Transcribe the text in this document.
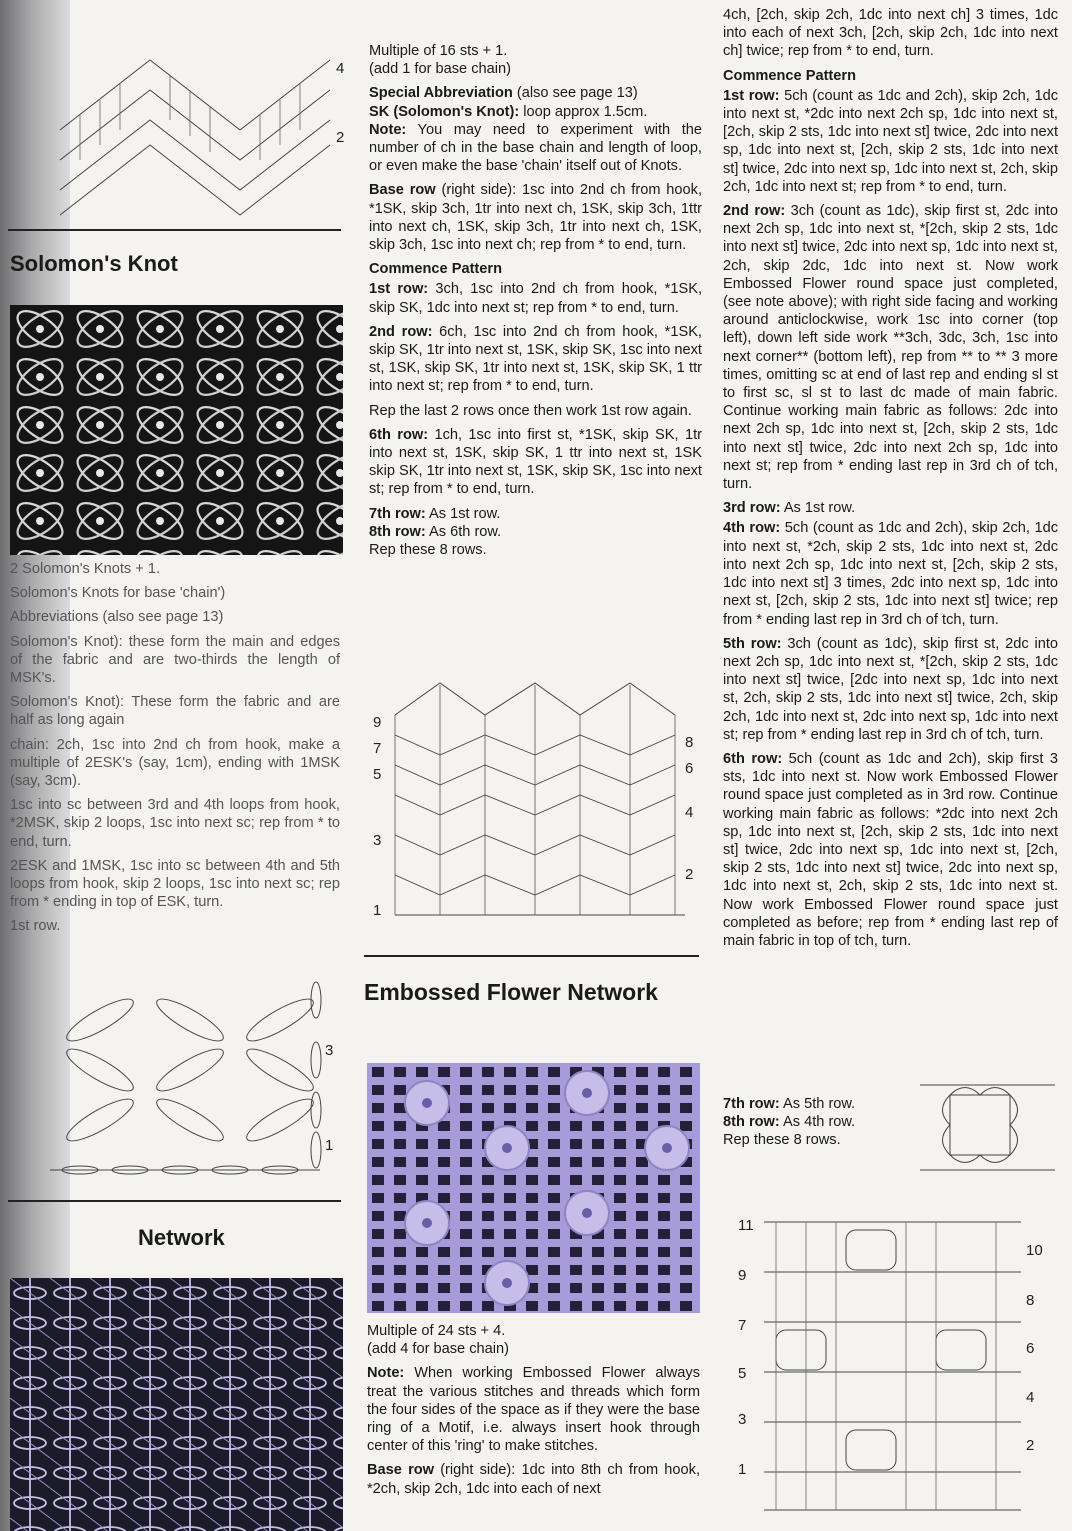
4
2
Solomon's Knot

2 Solomon's Knots + 1.

Solomon's Knots for base 'chain')

Abbreviations (also see page 13)

Solomon's Knot): these form the main and edges of the fabric and are two-thirds the length of MSK's.

Solomon's Knot): These form the fabric and are half as long again

chain: 2ch, 1sc into 2nd ch from hook, make a multiple of 2ESK's (say, 1cm), ending with 1MSK (say, 3cm).

1sc into sc between 3rd and 4th loops from hook, *2MSK, skip 2 loops, 1sc into next sc; rep from * to end, turn.

2ESK and 1MSK, 1sc into sc between 4th and 5th loops from hook, skip 2 loops, 1sc into next sc; rep from * ending in top of ESK, turn.

1st row.

3
1
Network

Multiple of 16 sts + 1.

(add 1 for base chain)

Special Abbreviation (also see page 13)

SK (Solomon's Knot): loop approx 1.5cm.

Note: You may need to experiment with the number of ch in the base chain and length of loop, or even make the base 'chain' itself out of Knots.

Base row (right side): 1sc into 2nd ch from hook, *1SK, skip 3ch, 1tr into next ch, 1SK, skip 3ch, 1ttr into next ch, 1SK, skip 3ch, 1tr into next ch, 1SK, skip 3ch, 1sc into next ch; rep from * to end, turn.

Commence Pattern

1st row: 3ch, 1sc into 2nd ch from hook, *1SK, skip SK, 1dc into next st; rep from * to end, turn.

2nd row: 6ch, 1sc into 2nd ch from hook, *1SK, skip SK, 1tr into next st, 1SK, skip SK, 1sc into next st, 1SK, skip SK, 1tr into next st, 1SK, skip SK, 1 ttr into next st; rep from * to end, turn.

Rep the last 2 rows once then work 1st row again.

6th row: 1ch, 1sc into first st, *1SK, skip SK, 1tr into next st, 1SK, skip SK, 1 ttr into next st, 1SK skip SK, 1tr into next st, 1SK, skip SK, 1sc into next st; rep from * to end, turn.

7th row: As 1st row.

8th row: As 6th row.

Rep these 8 rows.

9
7
5
3
1
8
6
4
2
Embossed Flower Network

Multiple of 24 sts + 4.

(add 4 for base chain)

Note: When working Embossed Flower always treat the various stitches and threads which form the four sides of the space as if they were the base ring of a Motif, i.e. always insert hook through center of this 'ring' to make stitches.

Base row (right side): 1dc into 8th ch from hook, *2ch, skip 2ch, 1dc into each of next

4ch, [2ch, skip 2ch, 1dc into next ch] 3 times, 1dc into each of next 3ch, [2ch, skip 2ch, 1dc into next ch] twice; rep from * to end, turn.

Commence Pattern

1st row: 5ch (count as 1dc and 2ch), skip 2ch, 1dc into next st, *2dc into next 2ch sp, 1dc into next st, [2ch, skip 2 sts, 1dc into next st] twice, 2dc into next sp, 1dc into next st, [2ch, skip 2 sts, 1dc into next st] twice, 2dc into next sp, 1dc into next st, 2ch, skip 2ch, 1dc into next st; rep from * to end, turn.

2nd row: 3ch (count as 1dc), skip first st, 2dc into next 2ch sp, 1dc into next st, *[2ch, skip 2 sts, 1dc into next st] twice, 2dc into next sp, 1dc into next st, 2ch, skip 2dc, 1dc into next st. Now work Embossed Flower round space just completed, (see note above); with right side facing and working around anticlockwise, work 1sc into corner (top left), down left side work **3ch, 3dc, 3ch, 1sc into next corner** (bottom left), rep from ** to ** 3 more times, omitting sc at end of last rep and ending sl st to first sc, sl st to last dc made of main fabric. Continue working main fabric as follows: 2dc into next 2ch sp, 1dc into next st, [2ch, skip 2 sts, 1dc into next st] twice, 2dc into next 2ch sp, 1dc into next st; rep from * ending last rep in 3rd ch of tch, turn.

3rd row: As 1st row.

4th row: 5ch (count as 1dc and 2ch), skip 2ch, 1dc into next st, *2ch, skip 2 sts, 1dc into next st, 2dc into next 2ch sp, 1dc into next st, [2ch, skip 2 sts, 1dc into next st] 3 times, 2dc into next sp, 1dc into next st, [2ch, skip 2 sts, 1dc into next st] twice; rep from * ending last rep in 3rd ch of tch, turn.

5th row: 3ch (count as 1dc), skip first st, 2dc into next 2ch sp, 1dc into next st, *[2ch, skip 2 sts, 1dc into next st] twice, [2dc into next sp, 1dc into next st, 2ch, skip 2 sts, 1dc into next st] twice, 2ch, skip 2ch, 1dc into next st, 2dc into next sp, 1dc into next st; rep from * ending last rep in 3rd ch of tch, turn.

6th row: 5ch (count as 1dc and 2ch), skip first 3 sts, 1dc into next st. Now work Embossed Flower round space just completed as in 3rd row. Continue working main fabric as follows: *2dc into next 2ch sp, 1dc into next st, [2ch, skip 2 sts, 1dc into next st] twice, 2dc into next sp, 1dc into next st, [2ch, skip 2 sts, 1dc into next st] twice, 2dc into next sp, 1dc into next st, 2ch, skip 2 sts, 1dc into next st. Now work Embossed Flower round space just completed as before; rep from * ending last rep of main fabric in top of tch, turn.

7th row: As 5th row.

8th row: As 4th row.

Rep these 8 rows.

11
9
7
5
3
1
10
8
6
4
2
